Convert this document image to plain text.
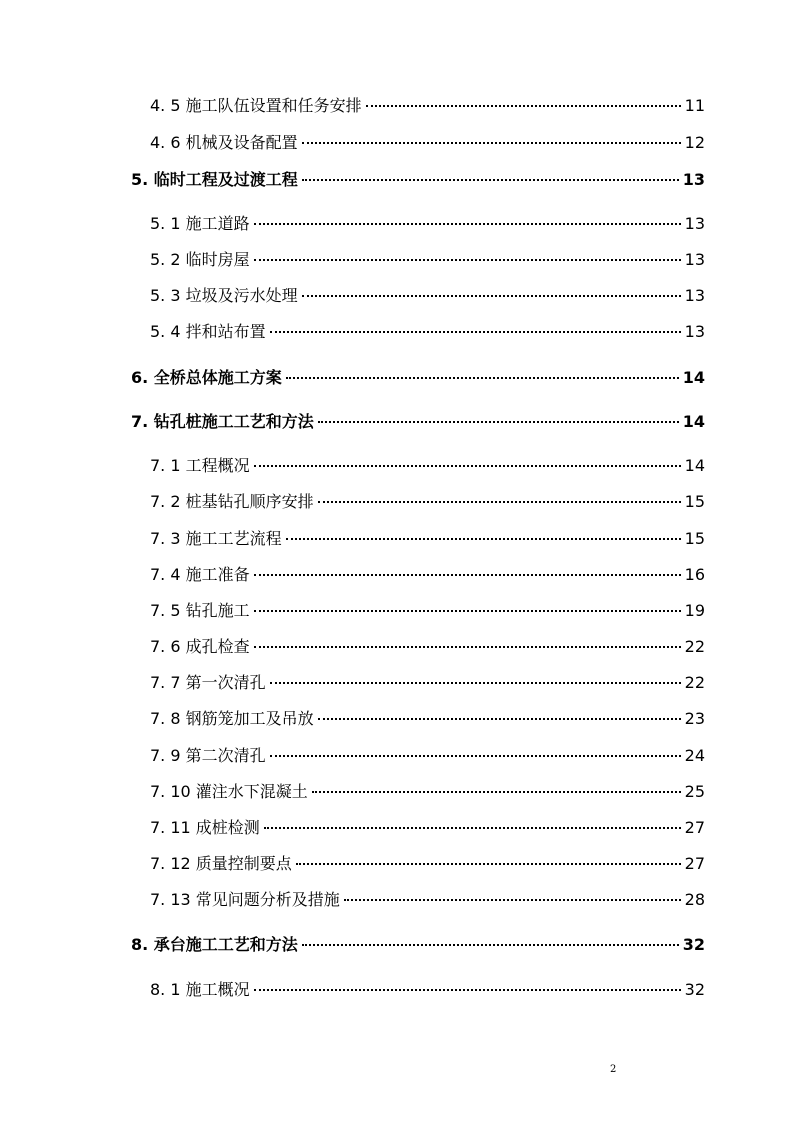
4. 5 施工队伍设置和任务安排	11
4. 6 机械及设备配置	12
5. 临时工程及过渡工程	13
5. 1 施工道路	13
5. 2 临时房屋	13
5. 3 垃圾及污水处理	13
5. 4 拌和站布置	13
6. 全桥总体施工方案	14
7. 钻孔桩施工工艺和方法	14
7. 1 工程概况	14
7. 2 桩基钻孔顺序安排	15
7. 3 施工工艺流程	15
7. 4 施工准备	16
7. 5 钻孔施工	19
7. 6 成孔检查	22
7. 7 第一次清孔	22
7. 8 钢筋笼加工及吊放	23
7. 9 第二次清孔	24
7. 10 灌注水下混凝土	25
7. 11 成桩检测	27
7. 12 质量控制要点	27
7. 13 常见问题分析及措施	28
8. 承台施工工艺和方法	32
8. 1 施工概况	32
2
